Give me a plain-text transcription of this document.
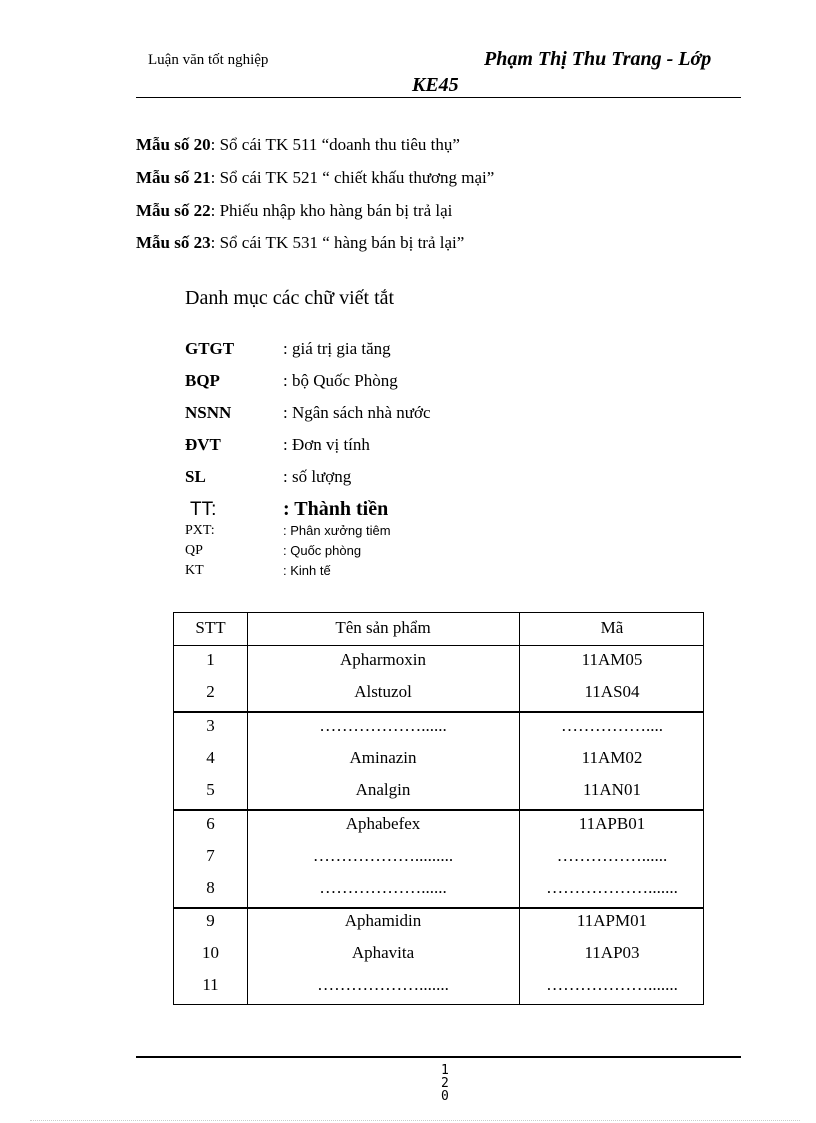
Luận văn tốt nghiệp	Phạm Thị Thu Trang - Lớp
KE45
Mẫu số 20: Sổ cái TK 511 “doanh thu tiêu thụ”
Mẫu số 21: Sổ cái TK 521 “ chiết khấu thương mại”
Mẫu số 22: Phiếu nhập kho hàng bán bị trả lại
Mẫu số 23: Sổ cái TK 531 “ hàng bán bị trả lại”
Danh mục các chữ viết tắt
GTGT	: giá trị gia tăng
BQP	: bộ Quốc Phòng
NSNN	: Ngân sách nhà nước
ĐVT	: Đơn vị tính
SL	: số lượng
TT:	: Thành tiền
PXT:	: Phân xưởng tiêm
QP	: Quốc phòng
KT	: Kinh tế
STT	Tên sản phẩm	Mã
1	Apharmoxin	11AM05
2	Alstuzol	11AS04
3	………………......	……………....
4	Aminazin	11AM02
5	Analgin	11AN01
6	Aphabefex	11APB01
7	……………….........	……………......
8	………………......	……………….......
9	Aphamidin	11APM01
10	Aphavita	11AP03
11	……………….......	……………….......
1
2
0
